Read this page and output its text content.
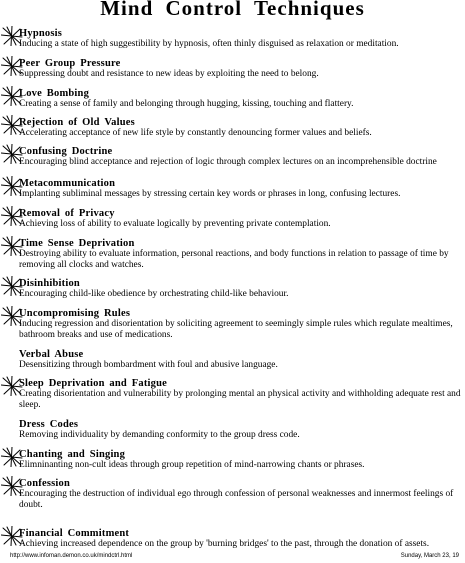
Mind Control Techniques
Hypnosis
Inducing a state of high suggestibility by hypnosis, often thinly disguised as relaxation or meditation.
Peer Group Pressure
Suppressing doubt and resistance to new ideas by exploiting the need to belong.
Love Bombing
Creating a sense of family and belonging through hugging, kissing, touching and flattery.
Rejection of Old Values
Accelerating acceptance of new life style by constantly denouncing former values and beliefs.
Confusing Doctrine
Encouraging blind acceptance and rejection of logic through complex lectures on an incomprehensible doctrine
Metacommunication
Implanting subliminal messages by stressing certain key words or phrases in long, confusing lectures.
Removal of Privacy
Achieving loss of ability to evaluate logically by preventing private contemplation.
Time Sense Deprivation
Destroying ability to evaluate information, personal reactions, and body functions in relation to passage of time by removing all clocks and watches.
Disinhibition
Encouraging child-like obedience by orchestrating child-like behaviour.
Uncompromising Rules
Inducing regression and disorientation by soliciting agreement to seemingly simple rules which regulate mealtimes, bathroom breaks and use of medications.
Verbal Abuse
Desensitizing through bombardment with foul and abusive language.
Sleep Deprivation and Fatigue
Creating disorientation and vulnerability by prolonging mental an physical activity and withholding adequate rest and sleep.
Dress Codes
Removing individuality by demanding conformity to the group dress code.
Chanting and Singing
Elimninanting non-cult ideas through group repetition of mind-narrowing chants or phrases.
Confession
Encouraging the destruction of individual ego through confession of personal weaknesses and innermost feelings of doubt.
Financial Commitment
Achieving increased dependence on the group by 'burning bridges' to the past, through the donation of assets.
http://www.infoman.demon.co.uk/mindctrl.html	Sunday, March 23, 19
